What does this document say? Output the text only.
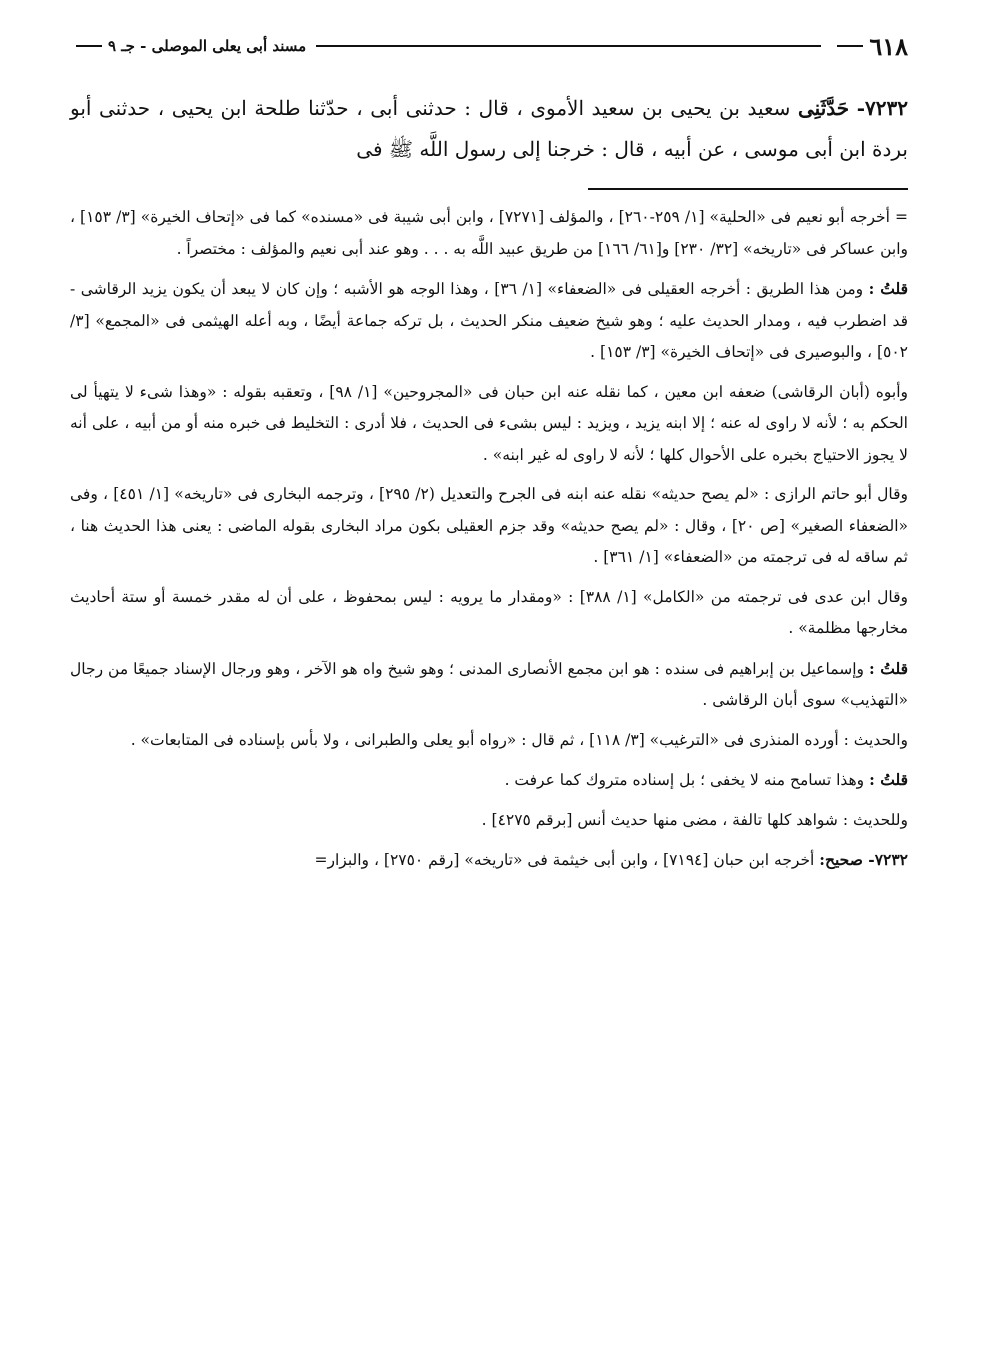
٦١٨
مسند أبى يعلى الموصلى - جـ ٩
٧٢٣٢- حَدَّثَنِى سعيد بن يحيى بن سعيد الأموى ، قال : حدثنى أبى ، حدّثنا طلحة ابن يحيى ، حدثنى أبو بردة ابن أبى موسى ، عن أبيه ، قال : خرجنا إلى رسول اللَّه ﷺ فى

= أخرجه أبو نعيم فى «الحلية» [١/ ٢٥٩-٢٦٠] ، والمؤلف [٧٢٧١] ، وابن أبى شيبة فى «مسنده» كما فى «إتحاف الخيرة» [٣/ ١٥٣] ، وابن عساكر فى «تاريخه» [٣٢/ ٢٣٠] و[٦١/ ١٦٦] من طريق عبيد اللَّه به . . . وهو عند أبى نعيم والمؤلف : مختصراً .

قلتُ : ومن هذا الطريق : أخرجه العقيلى فى «الضعفاء» [١/ ٣٦] ، وهذا الوجه هو الأشبه ؛ وإن كان لا يبعد أن يكون يزيد الرقاشى - قد اضطرب فيه ، ومدار الحديث عليه ؛ وهو شيخ ضعيف منكر الحديث ، بل تركه جماعة أيضًا ، وبه أعله الهيثمى فى «المجمع» [٣/ ٥٠٢] ، والبوصيرى فى «إتحاف الخيرة» [٣/ ١٥٣] .

وأبوه (أبان الرقاشى) ضعفه ابن معين ، كما نقله عنه ابن حبان فى «المجروحين» [١/ ٩٨] ، وتعقبه بقوله : «وهذا شىء لا يتهيأ لى الحكم به ؛ لأنه لا راوى له عنه ؛ إلا ابنه يزيد ، ويزيد : ليس بشىء فى الحديث ، فلا أدرى : التخليط فى خبره منه أو من أبيه ، على أنه لا يجوز الاحتياج بخبره على الأحوال كلها ؛ لأنه لا راوى له غير ابنه» .

وقال أبو حاتم الرازى : «لم يصح حديثه» نقله عنه ابنه فى الجرح والتعديل (٢/ ٢٩٥] ، وترجمه البخارى فى «تاريخه» [١/ ٤٥١] ، وفى «الضعفاء الصغير» [ص ٢٠] ، وقال : «لم يصح حديثه» وقد جزم العقيلى بكون مراد البخارى بقوله الماضى : يعنى هذا الحديث هنا ، ثم ساقه له فى ترجمته من «الضعفاء» [١/ ٣٦١] .

وقال ابن عدى فى ترجمته من «الكامل» [١/ ٣٨٨] : «ومقدار ما يرويه : ليس بمحفوظ ، على أن له مقدر خمسة أو ستة أحاديث مخارجها مظلمة» .

قلتُ : وإسماعيل بن إبراهيم فى سنده : هو ابن مجمع الأنصارى المدنى ؛ وهو شيخ واه هو الآخر ، وهو ورجال الإسناد جميعًا من رجال «التهذيب» سوى أبان الرقاشى .

والحديث : أورده المنذرى فى «الترغيب» [٣/ ١١٨] ، ثم قال : «رواه أبو يعلى والطبرانى ، ولا بأس بإسناده فى المتابعات» .

قلتُ : وهذا تسامح منه لا يخفى ؛ بل إسناده متروك كما عرفت .

وللحديث : شواهد كلها تالفة ، مضى منها حديث أنس [برقم ٤٢٧٥] .

٧٢٣٢- صحيح: أخرجه ابن حبان [٧١٩٤] ، وابن أبى خيثمة فى «تاريخه» [رقم ٢٧٥٠] ، والبزار=
